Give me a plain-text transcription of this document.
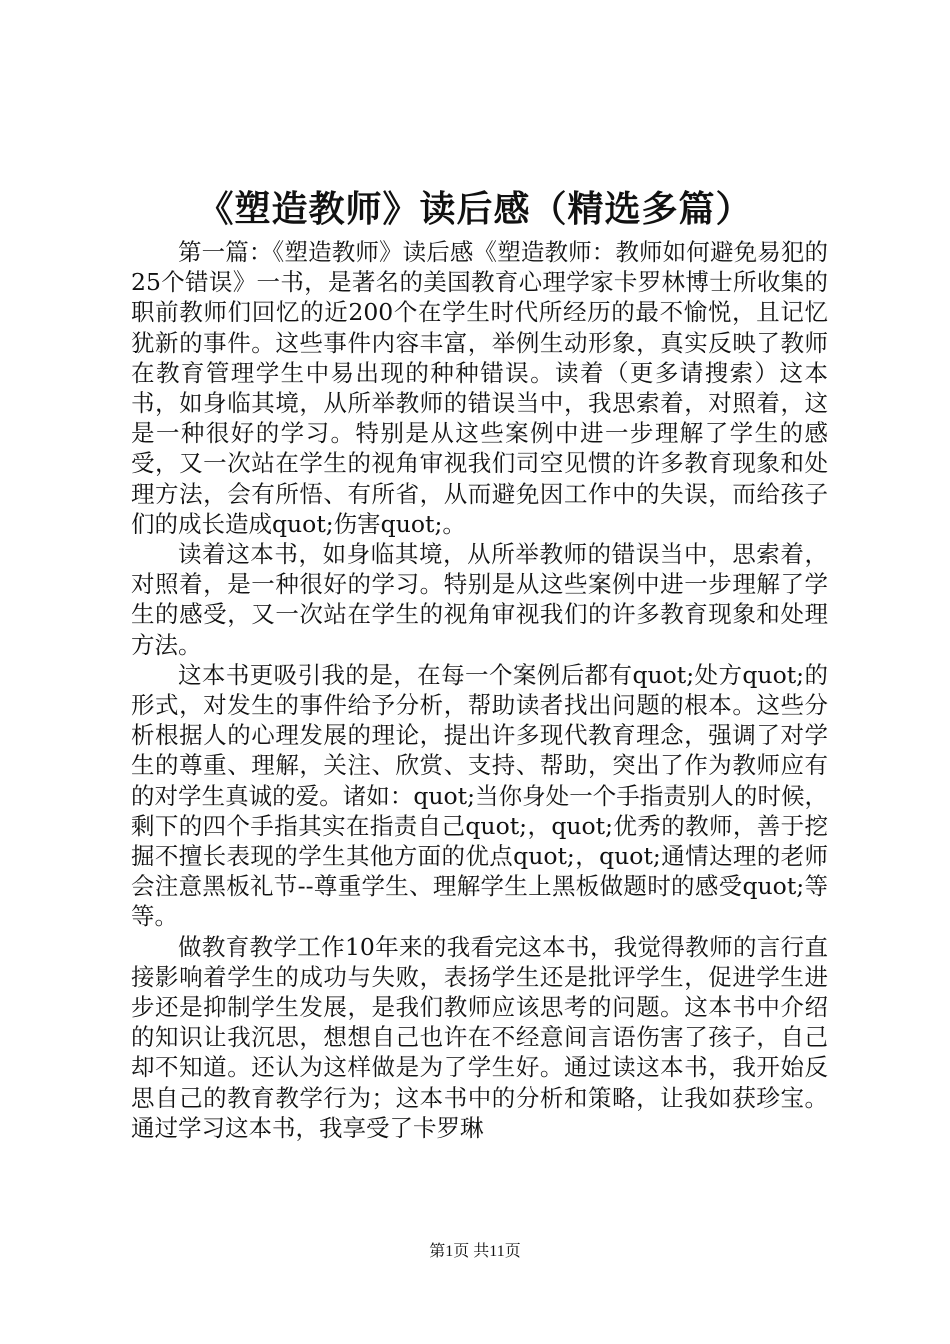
《塑造教师》读后感（精选多篇）

第一篇：《塑造教师》读后感《塑造教师：教师如何避免易犯的25个错误》一书，是著名的美国教育心理学家卡罗林博士所收集的职前教师们回忆的近200个在学生时代所经历的最不愉悦，且记忆犹新的事件。这些事件内容丰富，举例生动形象，真实反映了教师在教育管理学生中易出现的种种错误。读着（更多请搜索）这本书，如身临其境，从所举教师的错误当中，我思索着，对照着，这是一种很好的学习。特别是从这些案例中进一步理解了学生的感受，又一次站在学生的视角审视我们司空见惯的许多教育现象和处理方法，会有所悟、有所省，从而避免因工作中的失误，而给孩子们的成长造成quot;伤害quot;。

读着这本书，如身临其境，从所举教师的错误当中，思索着，对照着，是一种很好的学习。特别是从这些案例中进一步理解了学生的感受，又一次站在学生的视角审视我们的许多教育现象和处理方法。

这本书更吸引我的是，在每一个案例后都有quot;处方quot;的形式，对发生的事件给予分析，帮助读者找出问题的根本。这些分析根据人的心理发展的理论，提出许多现代教育理念，强调了对学生的尊重、理解，关注、欣赏、支持、帮助，突出了作为教师应有的对学生真诚的爱。诸如：quot;当你身处一个手指责别人的时候，剩下的四个手指其实在指责自己quot;，quot;优秀的教师，善于挖掘不擅长表现的学生其他方面的优点quot;，quot;通情达理的老师会注意黑板礼节--尊重学生、理解学生上黑板做题时的感受quot;等等。

做教育教学工作10年来的我看完这本书，我觉得教师的言行直接影响着学生的成功与失败，表扬学生还是批评学生，促进学生进步还是抑制学生发展，是我们教师应该思考的问题。这本书中介绍的知识让我沉思，想想自己也许在不经意间言语伤害了孩子，自己却不知道。还认为这样做是为了学生好。通过读这本书，我开始反思自己的教育教学行为；这本书中的分析和策略，让我如获珍宝。通过学习这本书，我享受了卡罗琳

第1页 共11页
